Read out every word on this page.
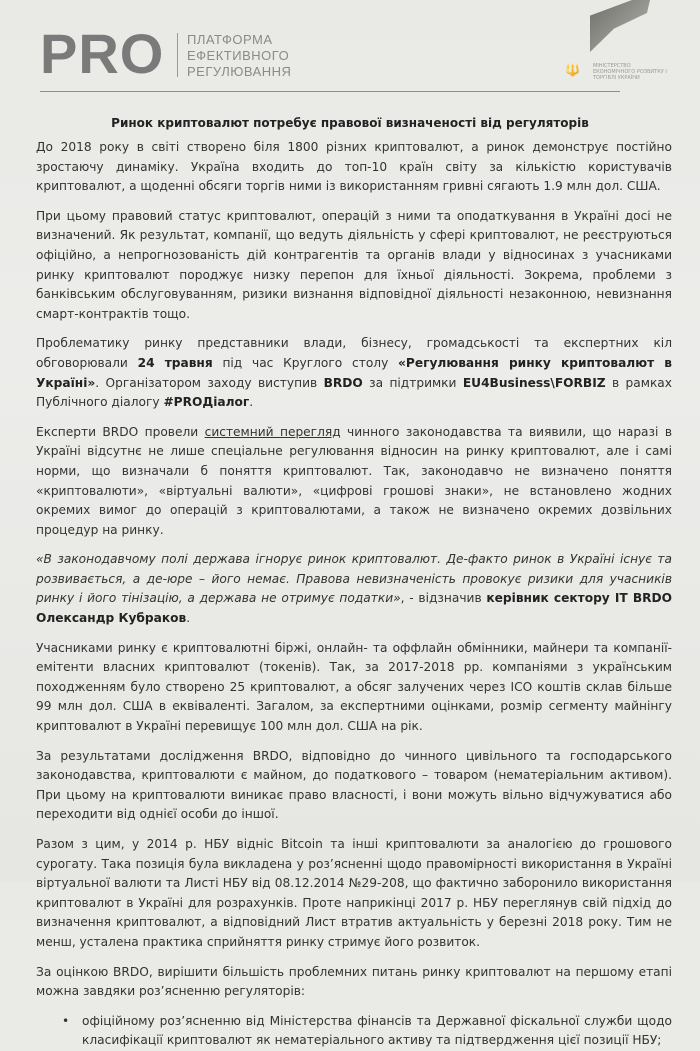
PRO ПЛАТФОРМА
ЕФЕКТИВНОГО
РЕГУЛЮВАННЯ	🔱	МІНІСТЕРСТВО
ЕКОНОМІЧНОГО РОЗВИТКУ І
ТОРГІВЛІ УКРАЇНИ
Ринок криптовалют потребує правової визначеності від регуляторів

До 2018 року в світі створено біля 1800 різних криптовалют, а ринок демонструє постійно зростаючу динаміку. Україна входить до топ-10 країн світу за кількістю користувачів криптовалют, а щоденні обсяги торгів ними із використанням гривні сягають 1.9 млн дол. США.

При цьому правовий статус криптовалют, операцій з ними та оподаткування в Україні досі не визначений. Як результат, компанії, що ведуть діяльність у сфері криптовалют, не реєструються офіційно, а непрогнозованість дій контрагентів та органів влади у відносинах з учасниками ринку криптовалют породжує низку перепон для їхньої діяльності. Зокрема, проблеми з банківським обслуговуванням, ризики визнання відповідної діяльності незаконною, невизнання смарт-контрактів тощо.

Проблематику ринку представники влади, бізнесу, громадськості та експертних кіл обговорювали 24 травня під час Круглого столу «Регулювання ринку криптовалют в Україні». Організатором заходу виступив BRDO за підтримки EU4Business\FORBIZ в рамках Публічного діалогу #PROДіалог.

Експерти BRDO провели системний перегляд чинного законодавства та виявили, що наразі в Україні відсутнє не лише спеціальне регулювання відносин на ринку криптовалют, але і самі норми, що визначали б поняття криптовалют. Так, законодавчо не визначено поняття «криптовалюти», «віртуальні валюти», «цифрові грошові знаки», не встановлено жодних окремих вимог до операцій з криптовалютами, а також не визначено окремих дозвільних процедур на ринку.

«В законодавчому полі держава ігнорує ринок криптовалют. Де-факто ринок в Україні існує та розвивається, а де-юре – його немає. Правова невизначеність провокує ризики для учасників ринку і його тінізацію, а держава не отримує податки», - відзначив керівник сектору IT BRDO Олександр Кубраков.

Учасниками ринку є криптовалютні біржі, онлайн- та оффлайн обмінники, майнери та компанії-емітенти власних криптовалют (токенів). Так, за 2017-2018 рр. компаніями з українським походженням було створено 25 криптовалют, а обсяг залучених через ICO коштів склав більше 99 млн дол. США в еквіваленті. Загалом, за експертними оцінками, розмір сегменту майнінгу криптовалют в Україні перевищує 100 млн дол. США на рік.

За результатами дослідження BRDO, відповідно до чинного цивільного та господарського законодавства, криптовалюти є майном, до податкового – товаром (нематеріальним активом). При цьому на криптовалюти виникає право власності, і вони можуть вільно відчужуватися або переходити від однієї особи до іншої.

Разом з цим, у 2014 р. НБУ відніс Bitcoin та інші криптовалюти за аналогією до грошового сурогату. Така позиція була викладена у роз’ясненні щодо правомірності використання в Україні віртуальної валюти та Листі НБУ від 08.12.2014 №29-208, що фактично заборонило використання криптовалют в Україні для розрахунків. Проте наприкінці 2017 р. НБУ переглянув свій підхід до визначення криптовалют, а відповідний Лист втратив актуальність у березні 2018 року. Тим не менш, усталена практика сприйняття ринку стримує його розвиток.

За оцінкою BRDO, вирішити більшість проблемних питань ринку криптовалют на першому етапі можна завдяки роз’ясненню регуляторів:

• офіційному роз’ясненню від Міністерства фінансів та Державної фіскальної служби щодо класифікації криптовалют як нематеріального активу та підтвердження цієї позиції НБУ;
